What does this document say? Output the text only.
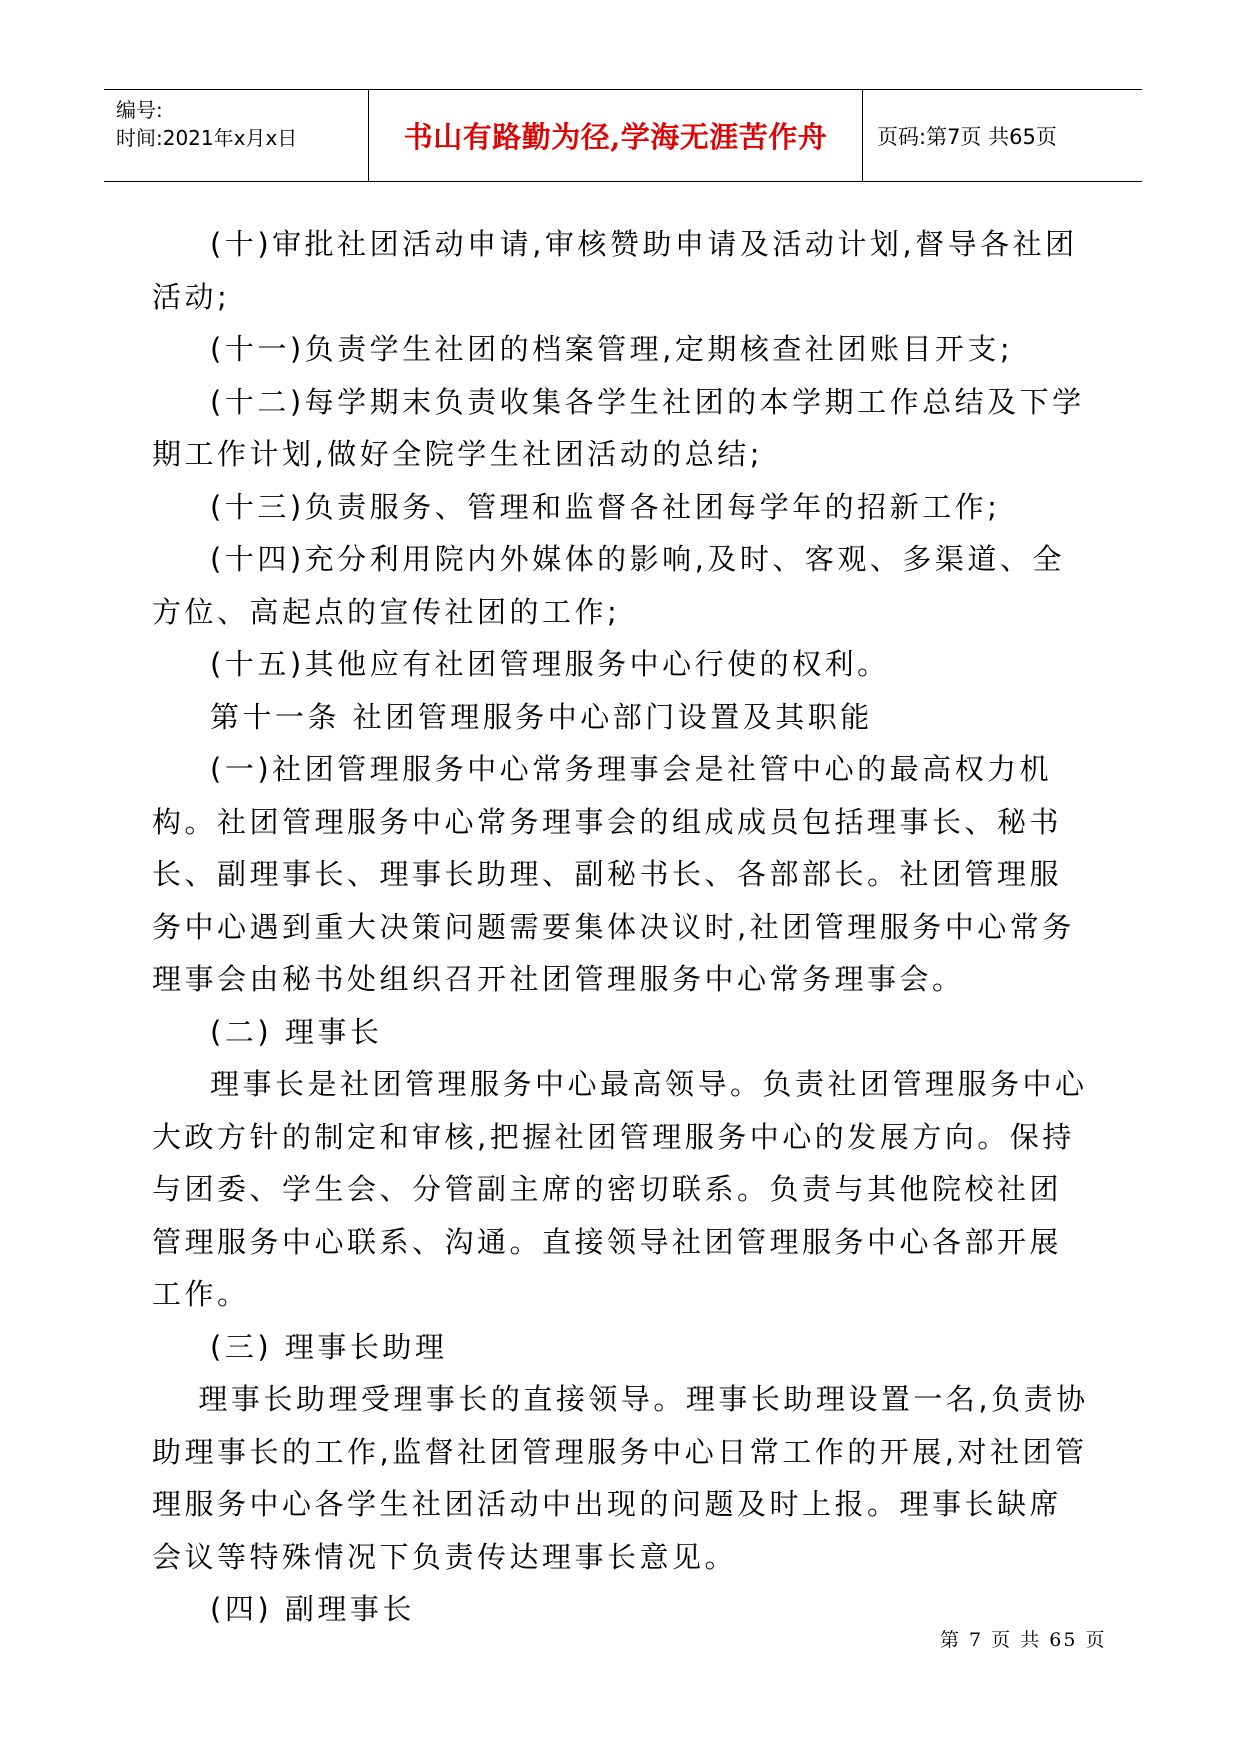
编号:
时间:2021年x月x日	书山有路勤为径,学海无涯苦作舟 页码:第7页 共65页

(十)审批社团活动申请,审核赞助申请及活动计划,督导各社团活动;

(十一)负责学生社团的档案管理,定期核查社团账目开支;

(十二)每学期末负责收集各学生社团的本学期工作总结及下学期工作计划,做好全院学生社团活动的总结;

(十三)负责服务、管理和监督各社团每学年的招新工作;

(十四)充分利用院内外媒体的影响,及时、客观、多渠道、全方位、高起点的宣传社团的工作;

(十五)其他应有社团管理服务中心行使的权利。

第十一条 社团管理服务中心部门设置及其职能

(一)社团管理服务中心常务理事会是社管中心的最高权力机构。社团管理服务中心常务理事会的组成成员包括理事长、秘书长、副理事长、理事长助理、副秘书长、各部部长。社团管理服务中心遇到重大决策问题需要集体决议时,社团管理服务中心常务理事会由秘书处组织召开社团管理服务中心常务理事会。

(二) 理事长

理事长是社团管理服务中心最高领导。负责社团管理服务中心大政方针的制定和审核,把握社团管理服务中心的发展方向。保持与团委、学生会、分管副主席的密切联系。负责与其他院校社团管理服务中心联系、沟通。直接领导社团管理服务中心各部开展工作。

(三) 理事长助理

理事长助理受理事长的直接领导。理事长助理设置一名,负责协助理事长的工作,监督社团管理服务中心日常工作的开展,对社团管理服务中心各学生社团活动中出现的问题及时上报。理事长缺席会议等特殊情况下负责传达理事长意见。

(四) 副理事长

第 7 页 共 65 页
